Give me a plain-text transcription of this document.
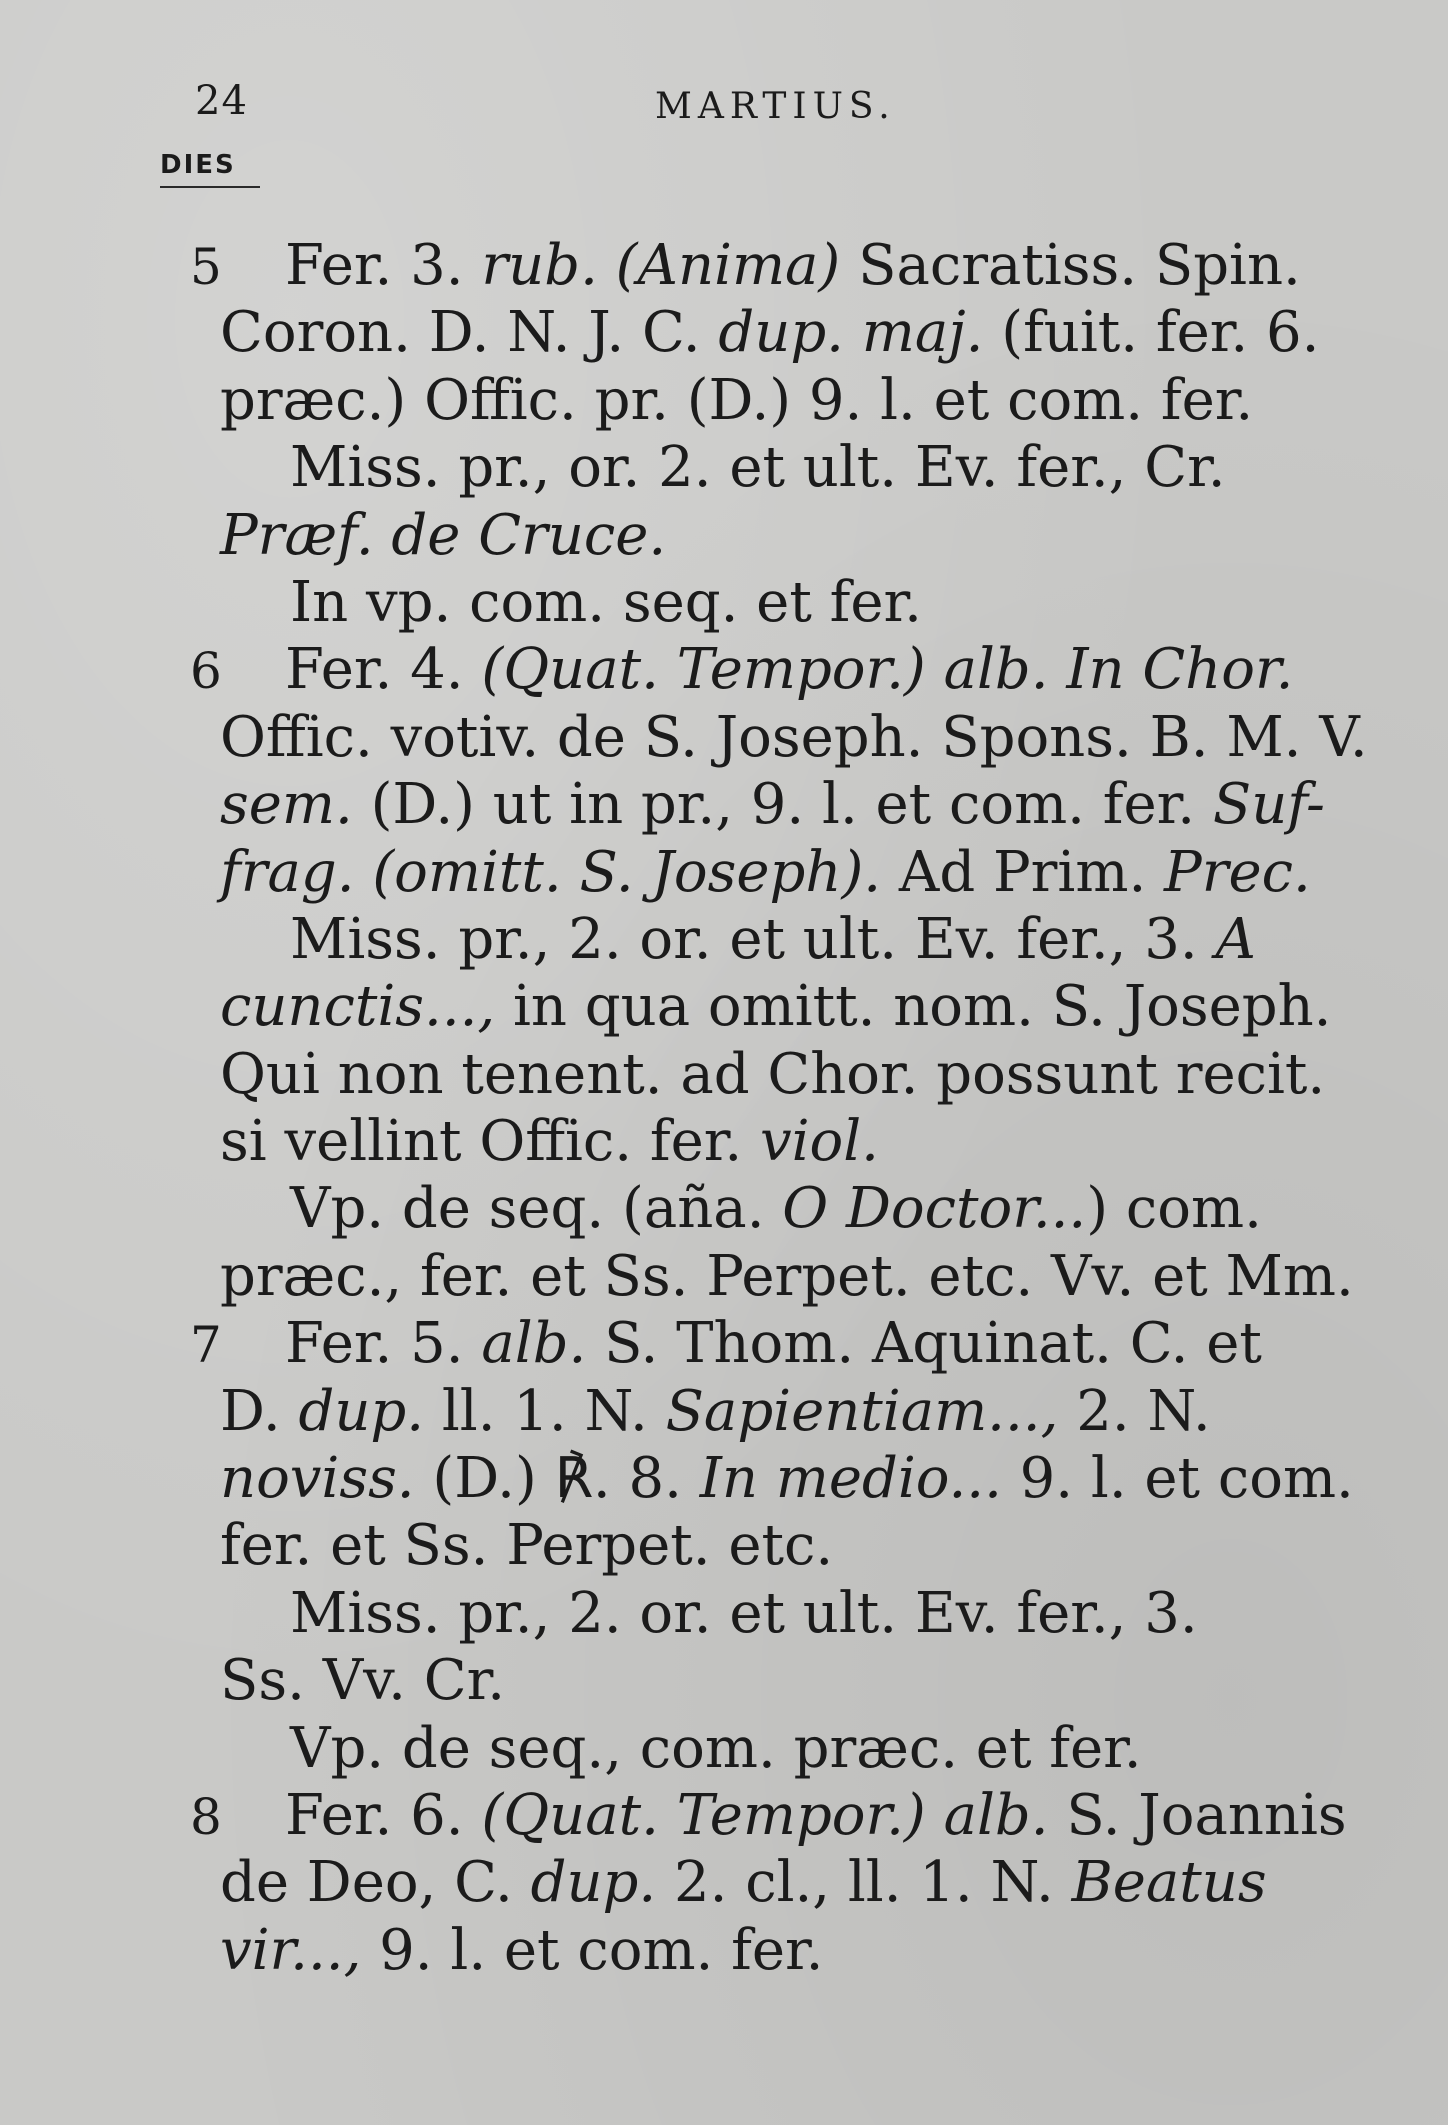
24	MARTIUS.
DIES
5 Fer. 3. rub. (Anima) Sacratiss. Spin.
Coron. D. N. J. C. dup. maj. (fuit. fer. 6.
præc.) Offic. pr. (D.) 9. l. et com. fer.
Miss. pr., or. 2. et ult. Ev. fer., Cr.
Præf. de Cruce.
In vp. com. seq. et fer.
6 Fer. 4. (Quat. Tempor.) alb. In Chor.
Offic. votiv. de S. Joseph. Spons. B. M. V.
sem. (D.) ut in pr., 9. l. et com. fer. Suf-
frag. (omitt. S. Joseph). Ad Prim. Prec.
Miss. pr., 2. or. et ult. Ev. fer., 3. A
cunctis..., in qua omitt. nom. S. Joseph.
Qui non tenent. ad Chor. possunt recit.
si vellint Offic. fer. viol.
Vp. de seq. (aña. O Doctor...) com.
præc., fer. et Ss. Perpet. etc. Vv. et Mm.
7 Fer. 5. alb. S. Thom. Aquinat. C. et
D. dup. ll. 1. N. Sapientiam..., 2. N.
noviss. (D.) ℟. 8. In medio... 9. l. et com.
fer. et Ss. Perpet. etc.
Miss. pr., 2. or. et ult. Ev. fer., 3.
Ss. Vv. Cr.
Vp. de seq., com. præc. et fer.
8 Fer. 6. (Quat. Tempor.) alb. S. Joannis
de Deo, C. dup. 2. cl., ll. 1. N. Beatus
vir..., 9. l. et com. fer.
